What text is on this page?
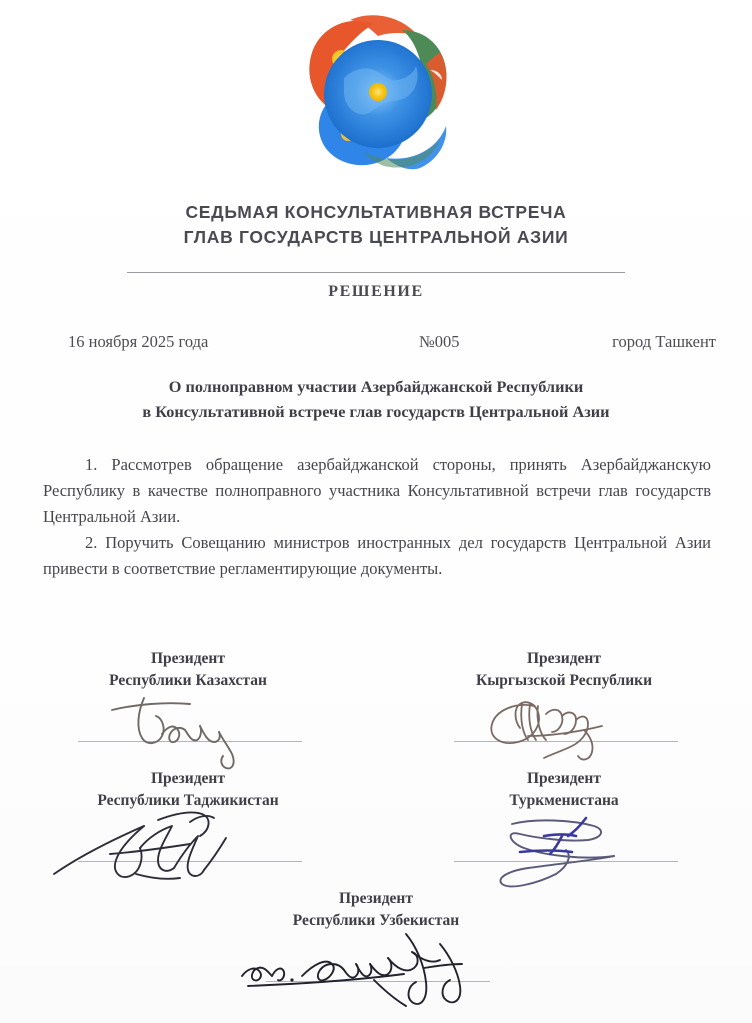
СЕДЬМАЯ КОНСУЛЬТАТИВНАЯ ВСТРЕЧА
ГЛАВ ГОСУДАРСТВ ЦЕНТРАЛЬНОЙ АЗИИ
РЕШЕНИЕ
16 ноября 2025 года	№005	город Ташкент
О полноправном участии Азербайджанской Республики
в Консультативной встрече глав государств Центральной Азии

1. Рассмотрев обращение азербайджанской стороны, принять Азербайджанскую Республику в качестве полноправного участника Консультативной встречи глав государств Центральной Азии.

2. Поручить Совещанию министров иностранных дел государств Центральной Азии привести в соответствие регламентирующие документы.

Президент
Республики Казахстан
Президент
Кыргызской Республики
Президент
Республики Таджикистан
Президент
Туркменистана
Президент
Республики Узбекистан
